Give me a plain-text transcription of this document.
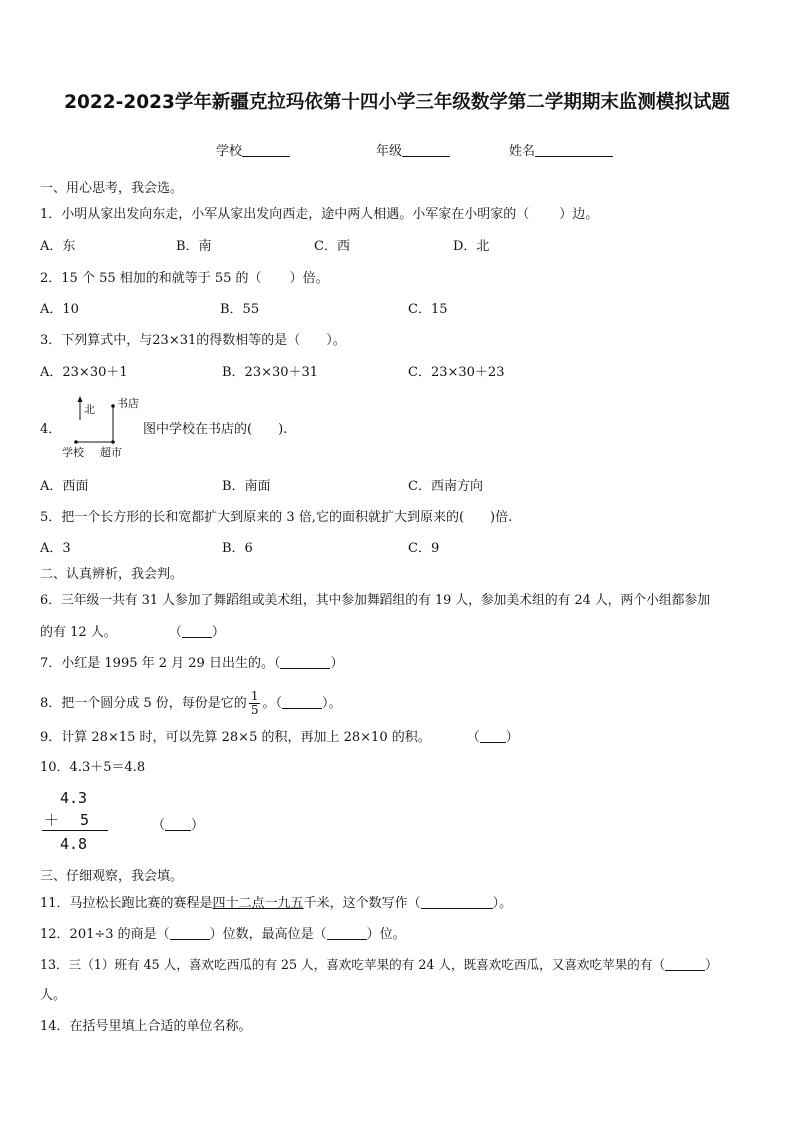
2022-2023学年新疆克拉玛依第十四小学三年级数学第二学期期末监测模拟试题
学校	年级	姓名
一、用心思考，我会选。
1．小明从家出发向东走，小军从家出发向西走，途中两人相遇。小军家在小明家的（ ）边。
A．东	B．南	C．西	D．北
2．15 个 55 相加的和就等于 55 的（ ）倍。
A．10	B．55	C．15
3．下列算式中，与23×31的得数相等的是（　　）。
A．23×30＋1	B．23×30＋31	C．23×30＋23
4．
北 书店
学校 超市
图中学校在书店的(　　).
A．西面	B．南面	C．西南方向
5．把一个长方形的长和宽都扩大到原来的 3 倍,它的面积就扩大到原来的(　　)倍.
A．3	B．6	C．9
二、认真辨析，我会判。
6．三年级一共有 31 人参加了舞蹈组或美术组，其中参加舞蹈组的有 19 人，参加美术组的有 24 人，两个小组都参加
的有 12 人。	（ ）
7．小红是 1995 年 2 月 29 日出生的。（	）
8．把一个圆分成 5 份，每份是它的 $\frac{1}{5}$ 。（	）。
9．计算 28×15 时，可以先算 28×5 的积，再加上 28×10 的积。	（ ）
10．4.3＋5＝4.8
4.3
＋ 5
4.8
（ ）
三、仔细观察，我会填。
11．马拉松长跑比赛的赛程是四十二点一九五千米，这个数写作（	）。
12．201÷3 的商是（	）位数，最高位是（	）位。
13．三（1）班有 45 人，喜欢吃西瓜的有 25 人，喜欢吃苹果的有 24 人，既喜欢吃西瓜，又喜欢吃苹果的有（	）
人。
14．在括号里填上合适的单位名称。
